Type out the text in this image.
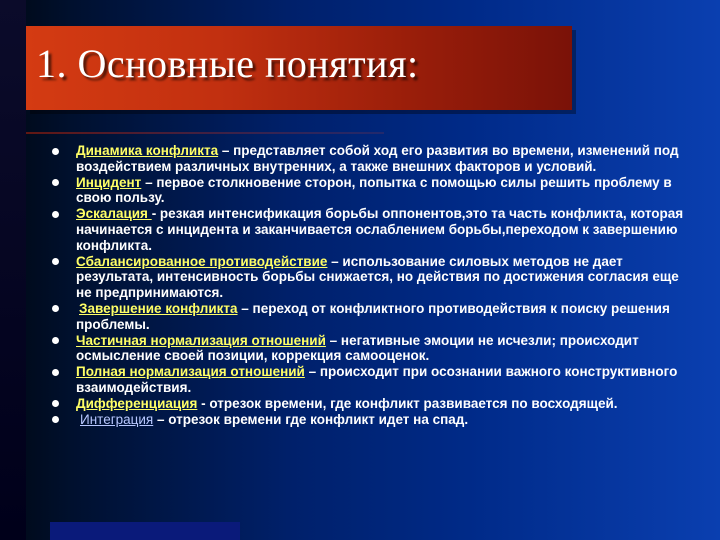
1. Основные понятия:
Динамика конфликта – представляет собой ход его развития во времени, изменений под воздействием различных внутренних, а также внешних факторов и условий.
Инцидент – первое столкновение сторон, попытка с помощью силы решить проблему в свою пользу.
Эскалация - резкая интенсификация борьбы оппонентов,это та часть конфликта, которая начинается с инцидента и заканчивается ослаблением борьбы,переходом к завершению конфликта.
Сбалансированное противодействие – использование силовых методов не дает результата, интенсивность борьбы снижается, но действия по достижения согласия еще не предпринимаются.
Завершение конфликта – переход от конфликтного противодействия к поиску решения проблемы.
Частичная нормализация отношений – негативные эмоции не исчезли; происходит осмысление своей позиции, коррекция самооценок.
Полная нормализация отношений – происходит при осознании важного конструктивного взаимодействия.
Дифференциация - отрезок времени, где конфликт развивается по восходящей.
Интеграция – отрезок времени где конфликт идет на спад.
